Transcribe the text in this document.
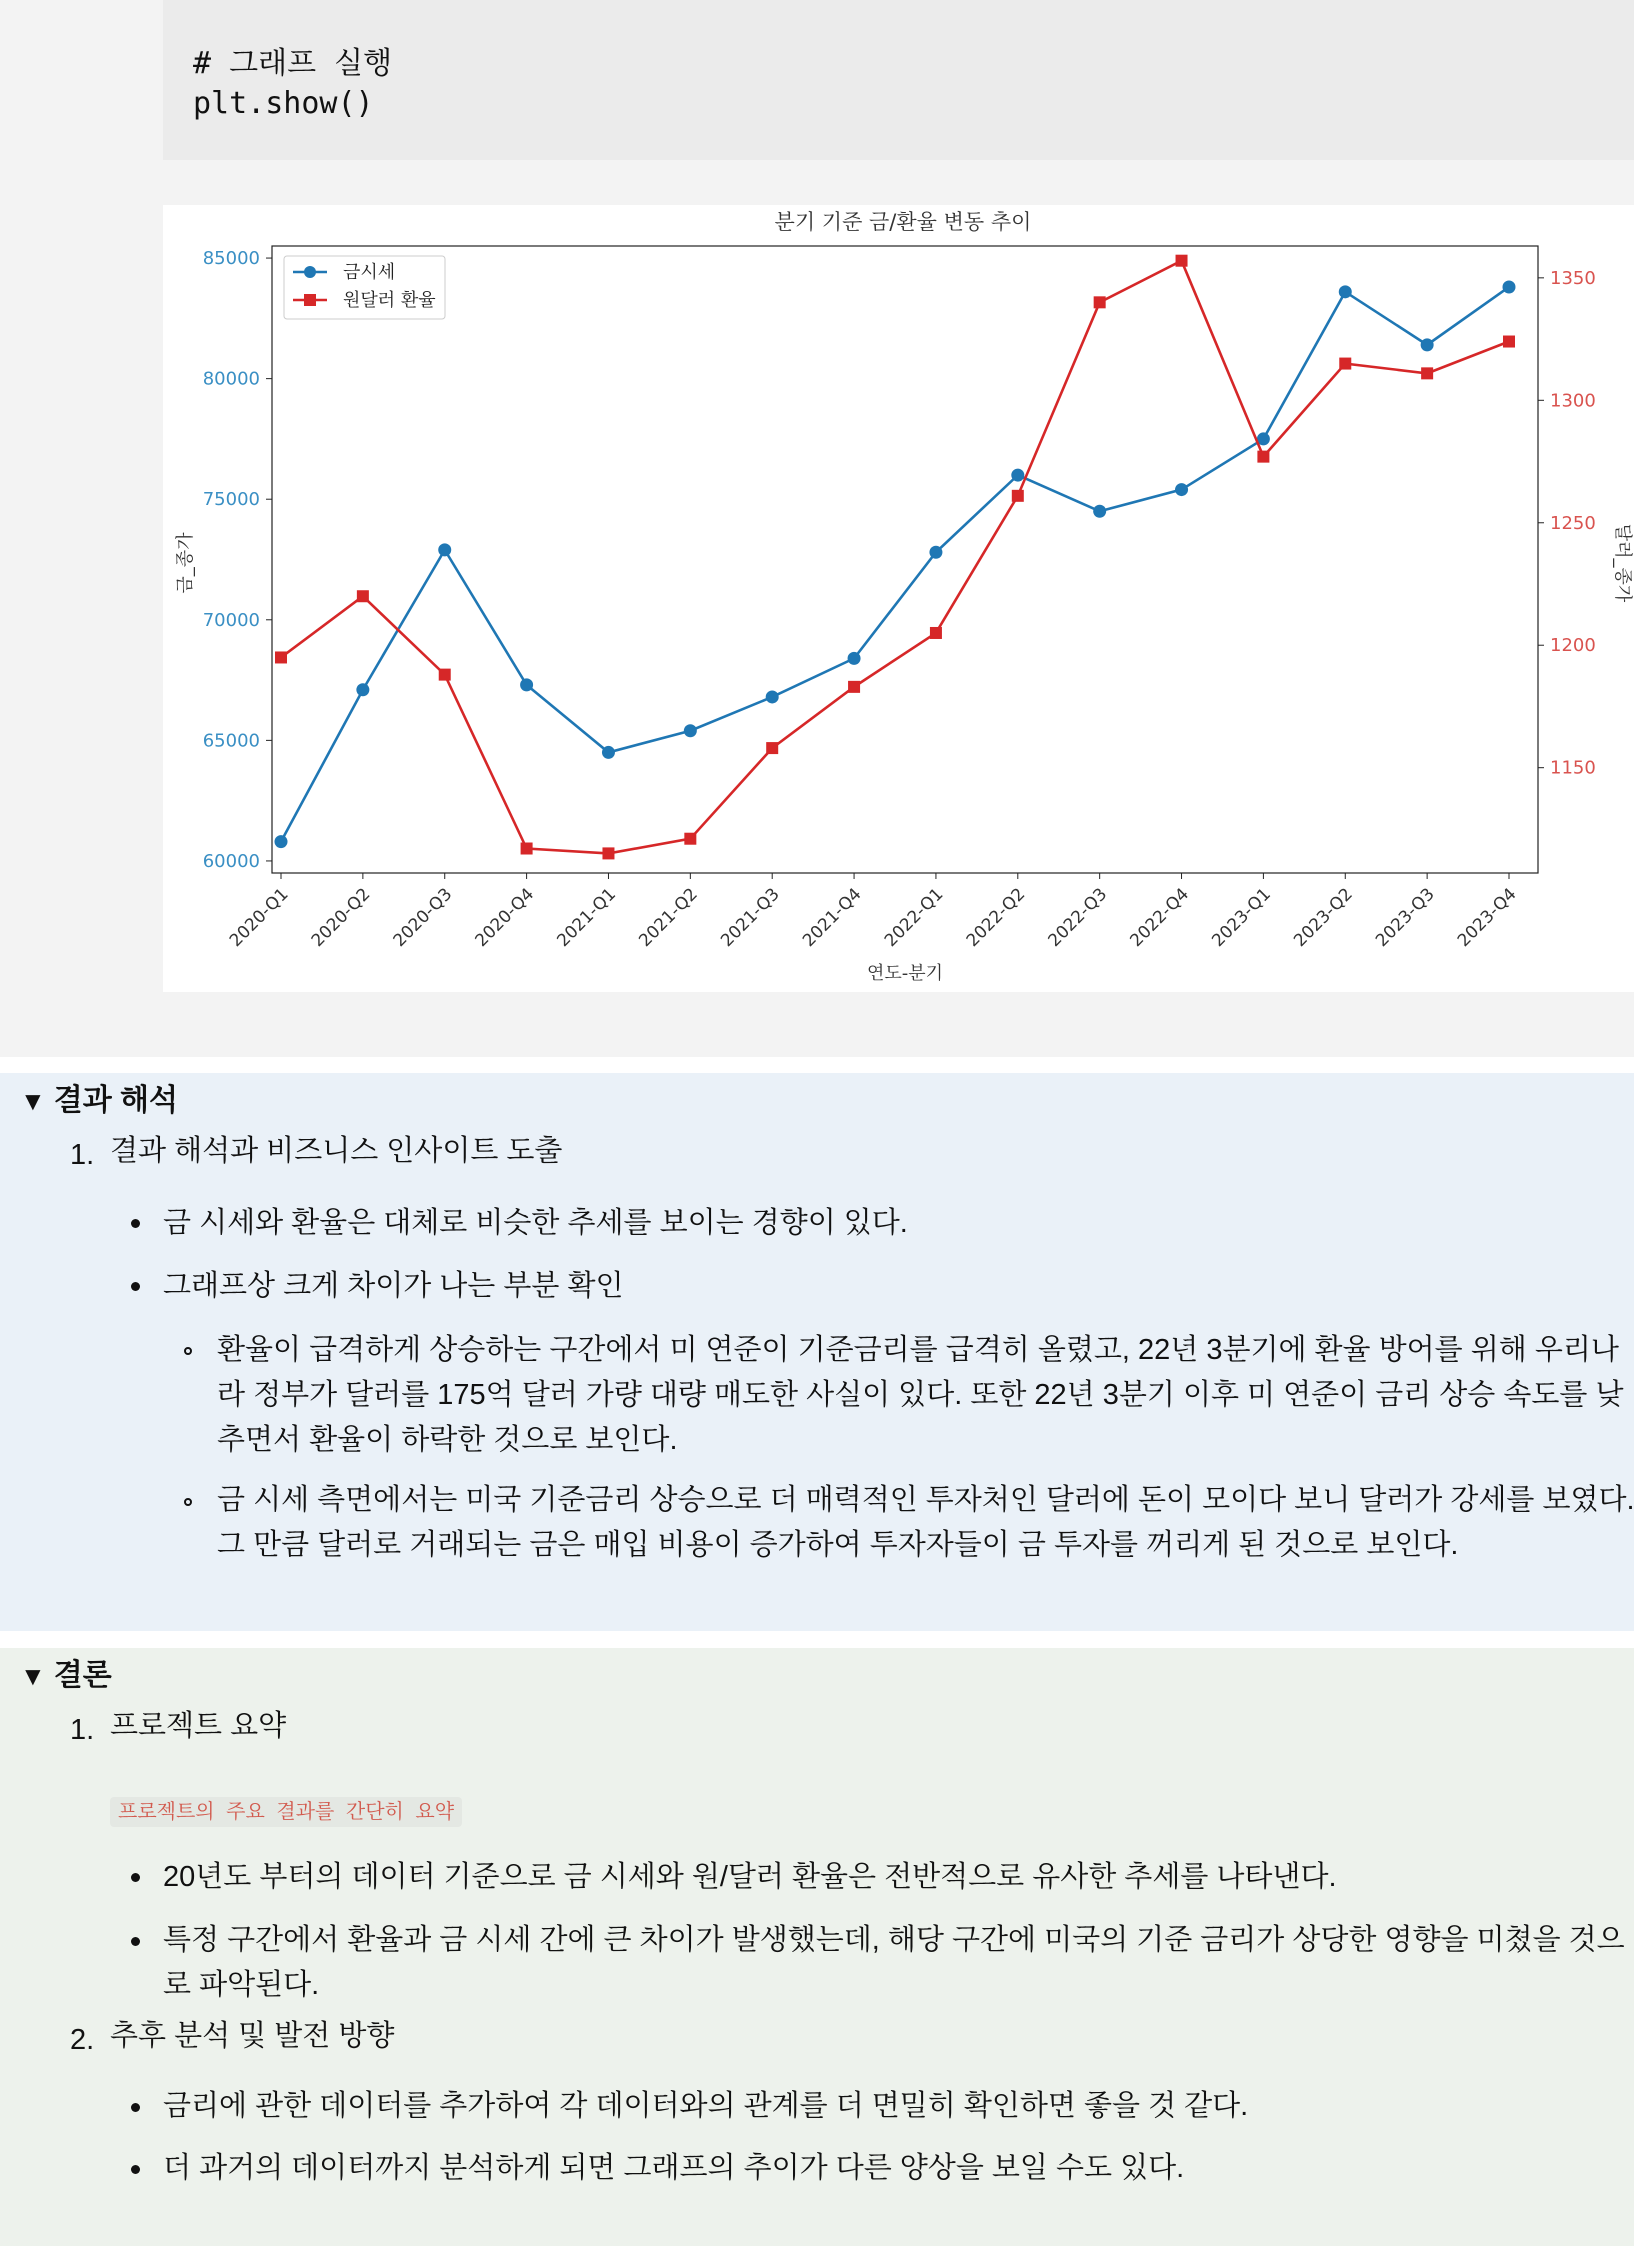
# 그래프 실행
plt.show()
분기 기준 금/환율 변동 추이
60000
65000
70000
75000
80000
85000
1150
1200
1250
1300
1350
2020-Q1 2020-Q2 2020-Q3 2020-Q4 2021-Q1 2021-Q2 2021-Q3 2021-Q4 2022-Q1 2022-Q2 2022-Q3 2022-Q4 2023-Q1 2023-Q2 2023-Q3 2023-Q4
금_종가	달러_종가
연도-분기
금시세
원달러 환율
▼ 결과 해석
1. 결과 해석과 비즈니스 인사이트 도출
금 시세와 환율은 대체로 비슷한 추세를 보이는 경향이 있다.
그래프상 크게 차이가 나는 부분 확인
환율이 급격하게 상승하는 구간에서 미 연준이 기준금리를 급격히 올렸고, 22년 3분기에 환율 방어를 위해 우리나
라 정부가 달러를 175억 달러 가량 대량 매도한 사실이 있다. 또한 22년 3분기 이후 미 연준이 금리 상승 속도를 낮
추면서 환율이 하락한 것으로 보인다.
금 시세 측면에서는 미국 기준금리 상승으로 더 매력적인 투자처인 달러에 돈이 모이다 보니 달러가 강세를 보였다.
그 만큼 달러로 거래되는 금은 매입 비용이 증가하여 투자자들이 금 투자를 꺼리게 된 것으로 보인다.
▼ 결론
1. 프로젝트 요약
프로젝트의 주요 결과를 간단히 요약
20년도 부터의 데이터 기준으로 금 시세와 원/달러 환율은 전반적으로 유사한 추세를 나타낸다.
특정 구간에서 환율과 금 시세 간에 큰 차이가 발생했는데, 해당 구간에 미국의 기준 금리가 상당한 영향을 미쳤을 것으
로 파악된다.
2. 추후 분석 및 발전 방향
금리에 관한 데이터를 추가하여 각 데이터와의 관계를 더 면밀히 확인하면 좋을 것 같다.
더 과거의 데이터까지 분석하게 되면 그래프의 추이가 다른 양상을 보일 수도 있다.
